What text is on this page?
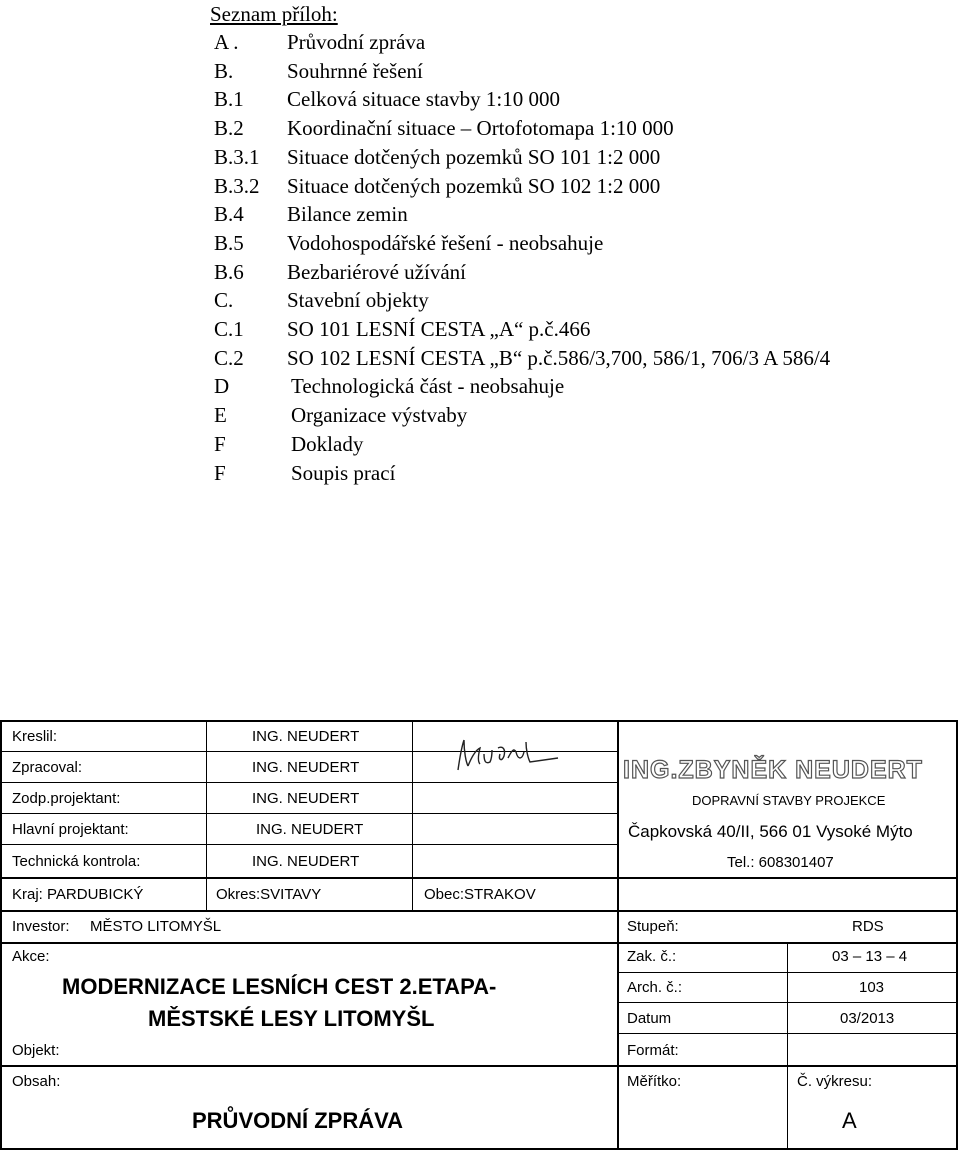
Seznam příloh:
A . Průvodní zpráva
B.	Souhrnné řešení
B.1 Celková situace stavby 1:10 000
B.2 Koordinační situace – Ortofotomapa 1:10 000
B.3.1 Situace dotčených pozemků SO 101 1:2 000
B.3.2 Situace dotčených pozemků SO 102 1:2 000
B.4 Bilance zemin
B.5 Vodohospodářské řešení - neobsahuje
B.6 Bezbariérové užívání
C.	Stavební objekty
C.1 SO 101 LESNÍ CESTA „A“ p.č.466
C.2 SO 102 LESNÍ CESTA „B“ p.č.586/3,700, 586/1, 706/3 A 586/4
D	Technologická část - neobsahuje
E	Organizace výstvaby
F	Doklady
F	Soupis prací
Kreslil:	ING. NEUDERT
Zpracoval:	ING. NEUDERT
Zodp.projektant:	ING. NEUDERT
Hlavní projektant:	ING. NEUDERT
Technická kontrola:	ING. NEUDERT
ING.ZBYNĚK NEUDERT
DOPRAVNÍ STAVBY PROJEKCE
Čapkovská 40/II, 566 01 Vysoké Mýto
Tel.: 608301407
Kraj: PARDUBICKÝ	Okres:SVITAVY	Obec:STRAKOV
Investor: MĚSTO LITOMYŠL	Stupeň:	RDS
Akce:
MODERNIZACE LESNÍCH CEST 2.ETAPA-
MĚSTSKÉ LESY LITOMYŠL
Objekt:
Obsah:
PRŮVODNÍ ZPRÁVA
Zak. č.:	03 – 13 – 4
Arch. č.:	103
Datum	03/2013
Formát:
Měřítko:	Č. výkresu:
A
